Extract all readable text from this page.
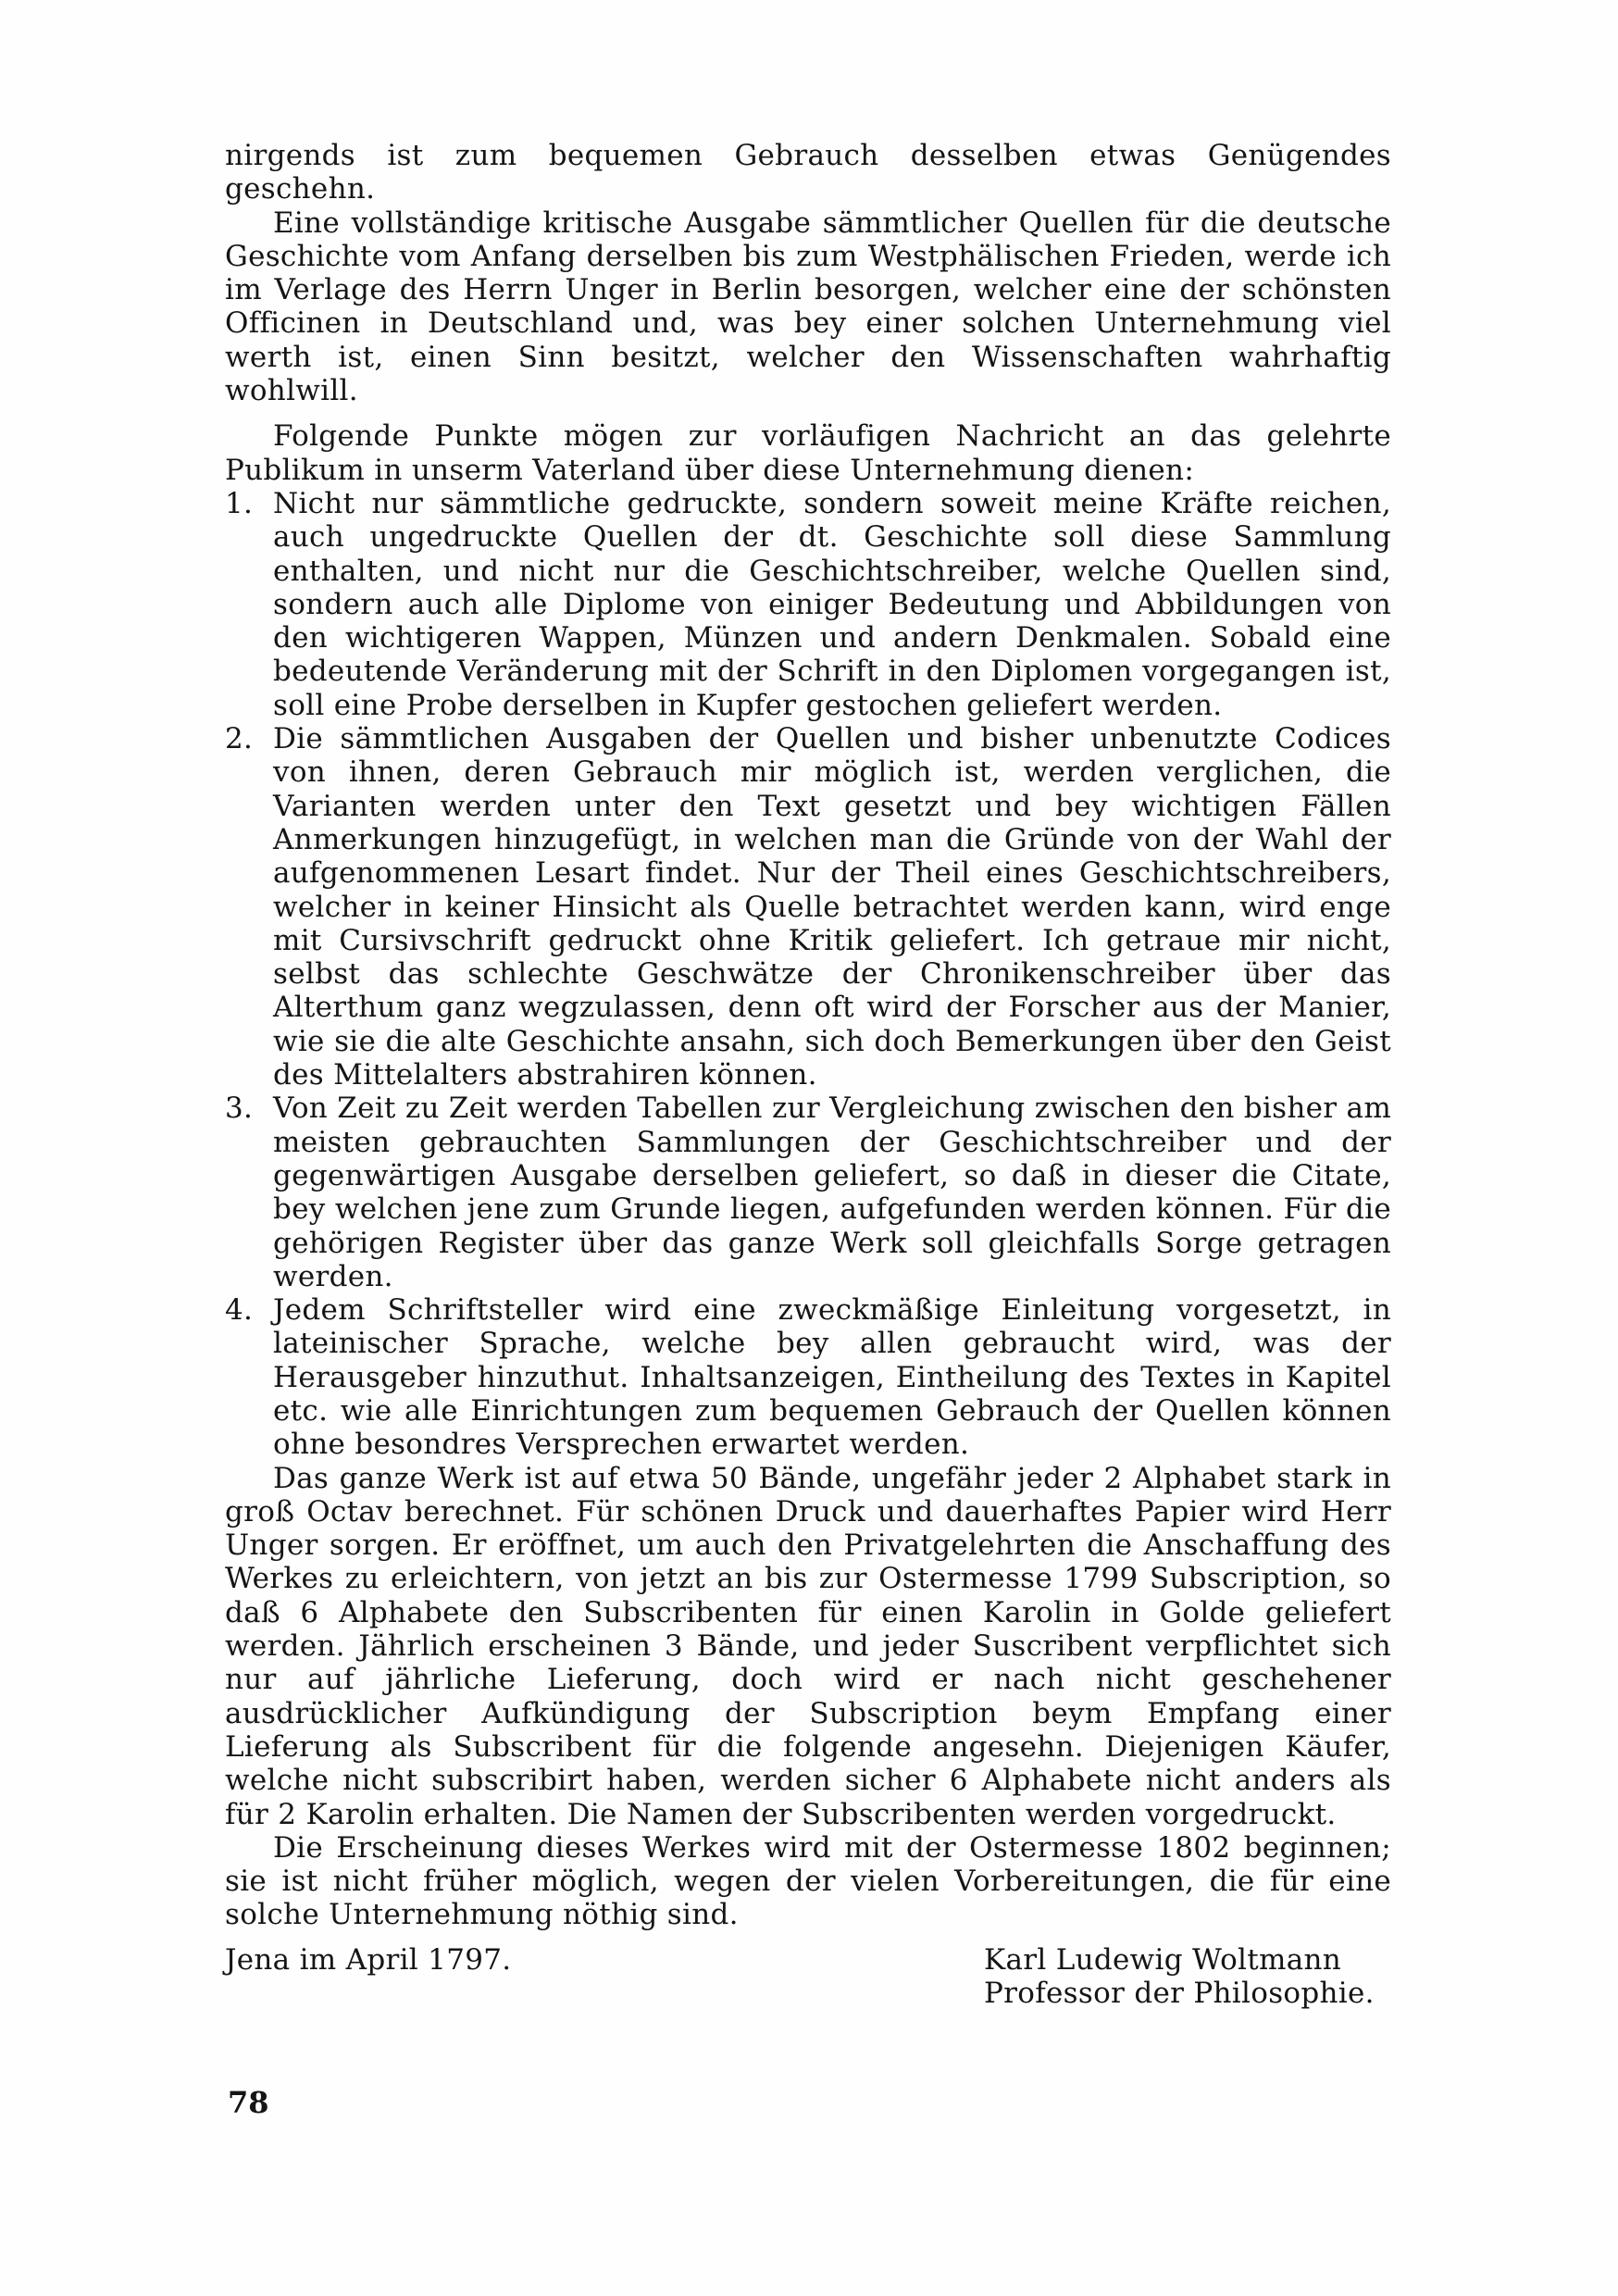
nirgends ist zum bequemen Gebrauch desselben etwas Genügendes geschehn.

Eine vollständige kritische Ausgabe sämmtlicher Quellen für die deutsche Geschichte vom Anfang derselben bis zum Westphälischen Frieden, werde ich im Verlage des Herrn Unger in Berlin besorgen, welcher eine der schönsten Officinen in Deutschland und, was bey einer solchen Unternehmung viel werth ist, einen Sinn besitzt, welcher den Wissenschaften wahrhaftig wohlwill.

Folgende Punkte mögen zur vorläufigen Nachricht an das gelehrte Publikum in unserm Vaterland über diese Unternehmung dienen:

1. Nicht nur sämmtliche gedruckte, sondern soweit meine Kräfte reichen, auch ungedruckte Quellen der dt. Geschichte soll diese Sammlung enthalten, und nicht nur die Geschichtschreiber, welche Quellen sind, sondern auch alle Diplome von einiger Bedeutung und Abbildungen von den wichtigeren Wappen, Münzen und andern Denkmalen. Sobald eine bedeutende Veränderung mit der Schrift in den Diplomen vorgegangen ist, soll eine Probe derselben in Kupfer gestochen geliefert werden.
2. Die sämmtlichen Ausgaben der Quellen und bisher unbenutzte Codices von ihnen, deren Gebrauch mir möglich ist, werden verglichen, die Varianten werden unter den Text gesetzt und bey wichtigen Fällen Anmerkungen hinzugefügt, in welchen man die Gründe von der Wahl der aufgenommenen Lesart findet. Nur der Theil eines Geschichtschreibers, welcher in keiner Hinsicht als Quelle betrachtet werden kann, wird enge mit Cursivschrift gedruckt ohne Kritik geliefert. Ich getraue mir nicht, selbst das schlechte Geschwätze der Chronikenschreiber über das Alterthum ganz wegzulassen, denn oft wird der Forscher aus der Manier, wie sie die alte Geschichte ansahn, sich doch Bemerkungen über den Geist des Mittelalters abstrahiren können.
3. Von Zeit zu Zeit werden Tabellen zur Vergleichung zwischen den bisher am meisten gebrauchten Sammlungen der Geschichtschreiber und der gegenwärtigen Ausgabe derselben geliefert, so daß in dieser die Citate, bey welchen jene zum Grunde liegen, aufgefunden werden können. Für die gehörigen Register über das ganze Werk soll gleichfalls Sorge getragen werden.
4. Jedem Schriftsteller wird eine zweckmäßige Einleitung vorgesetzt, in lateinischer Sprache, welche bey allen gebraucht wird, was der Herausgeber hinzuthut. Inhaltsanzeigen, Eintheilung des Textes in Kapitel etc. wie alle Einrichtungen zum bequemen Gebrauch der Quellen können ohne besondres Versprechen erwartet werden.

Das ganze Werk ist auf etwa 50 Bände, ungefähr jeder 2 Alphabet stark in groß Octav berechnet. Für schönen Druck und dauerhaftes Papier wird Herr Unger sorgen. Er eröffnet, um auch den Privatgelehrten die Anschaffung des Werkes zu erleichtern, von jetzt an bis zur Ostermesse 1799 Subscription, so daß 6 Alphabete den Subscribenten für einen Karolin in Golde geliefert werden. Jährlich erscheinen 3 Bände, und jeder Suscribent verpflichtet sich nur auf jährliche Lieferung, doch wird er nach nicht geschehener ausdrücklicher Aufkündigung der Subscription beym Empfang einer Lieferung als Subscribent für die folgende angesehn. Diejenigen Käufer, welche nicht subscribirt haben, werden sicher 6 Alphabete nicht anders als für 2 Karolin erhalten. Die Namen der Subscribenten werden vorgedruckt.

Die Erscheinung dieses Werkes wird mit der Ostermesse 1802 beginnen; sie ist nicht früher möglich, wegen der vielen Vorbereitungen, die für eine solche Unternehmung nöthig sind.

Jena im April 1797.	Karl Ludewig Woltmann
Professor der Philosophie.
78
